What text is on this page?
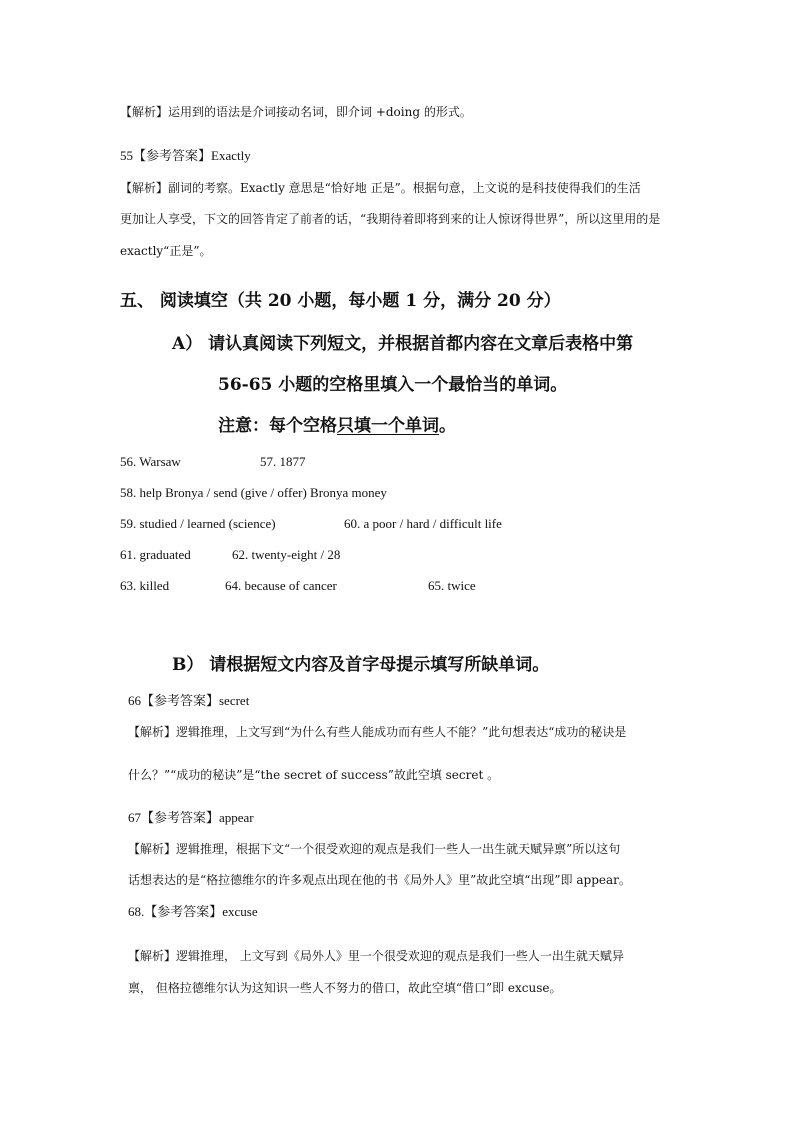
【解析】运用到的语法是介词接动名词，即介词 +doing 的形式。
55【参考答案】Exactly
【解析】副词的考察。Exactly 意思是“恰好地 正是”。根据句意，上文说的是科技使得我们的生活
更加让人享受，下文的回答肯定了前者的话，“我期待着即将到来的让人惊讶得世界”，所以这里用的是
exactly“正是”。
五、 阅读填空（共 20 小题，每小题 1 分，满分 20 分）
A） 请认真阅读下列短文，并根据首都内容在文章后表格中第
56-65 小题的空格里填入一个最恰当的单词。
注意：每个空格只填一个单词。
56. Warsaw	57. 1877
58. help Bronya / send (give / offer) Bronya money
59. studied / learned (science)	60. a poor / hard / difficult life
61. graduated	62. twenty-eight / 28
63. killed	64. because of cancer	65. twice
B） 请根据短文内容及首字母提示填写所缺单词。
66【参考答案】secret
【解析】逻辑推理，上文写到“为什么有些人能成功而有些人不能？”此句想表达“成功的秘诀是
什么？”“成功的秘诀”是“the secret of success”故此空填 secret 。
67【参考答案】appear
【解析】逻辑推理，根据下文“一个很受欢迎的观点是我们一些人一出生就天赋异禀”所以这句
话想表达的是“格拉德维尔的许多观点出现在他的书《局外人》里”故此空填“出现”即 appear。
68.【参考答案】excuse
【解析】逻辑推理， 上文写到《局外人》里一个很受欢迎的观点是我们一些人一出生就天赋异
禀， 但格拉德维尔认为这知识一些人不努力的借口，故此空填“借口”即 excuse。
